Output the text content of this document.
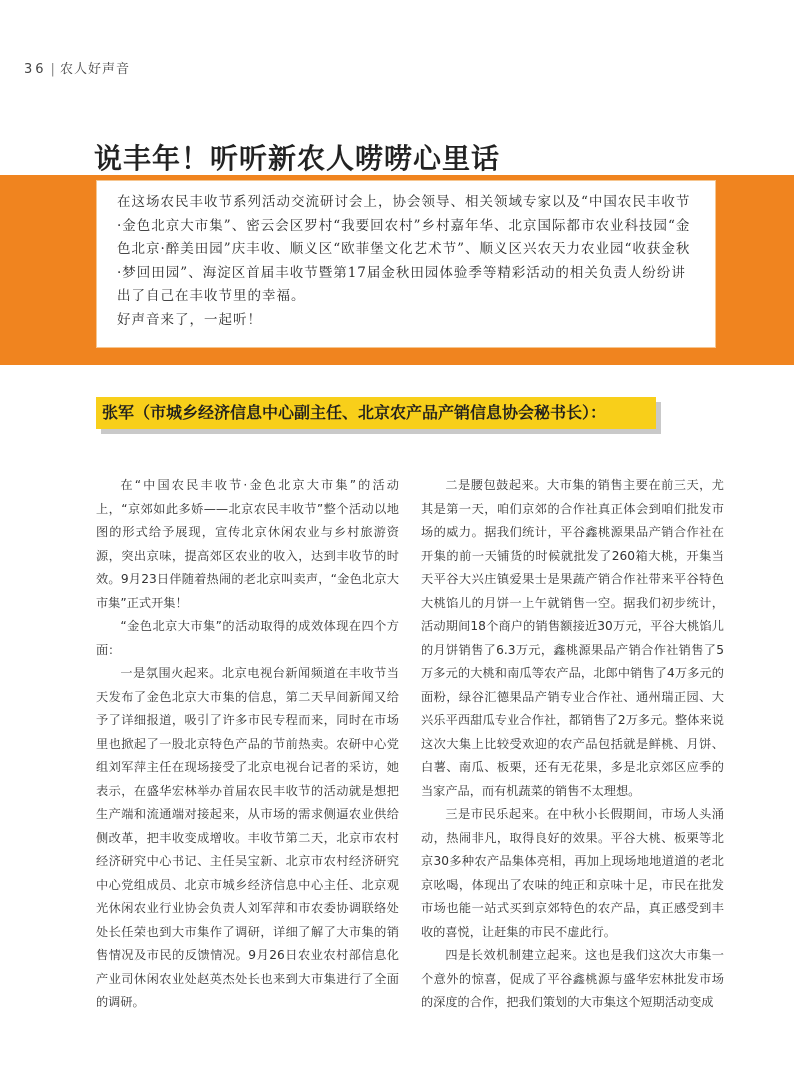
36 | 农人好声音
说丰年！听听新农人唠唠心里话

在这场农民丰收节系列活动交流研讨会上，协会领导、相关领域专家以及“中国农民丰收节·金色北京大市集”、密云会区罗村“我要回农村”乡村嘉年华、北京国际都市农业科技园“金色北京·醉美田园”庆丰收、顺义区“欧菲堡文化艺术节”、顺义区兴农天力农业园“收获金秋·梦回田园”、海淀区首届丰收节暨第17届金秋田园体验季等精彩活动的相关负责人纷纷讲出了自己在丰收节里的幸福。

好声音来了，一起听！

张军（市城乡经济信息中心副主任、北京农产品产销信息协会秘书长）：

在“中国农民丰收节·金色北京大市集”的活动上，“京郊如此多娇——北京农民丰收节”整个活动以地图的形式给予展现，宣传北京休闲农业与乡村旅游资源，突出京味，提高郊区农业的收入，达到丰收节的时效。9月23日伴随着热闹的老北京叫卖声，“金色北京大市集”正式开集！

“金色北京大市集”的活动取得的成效体现在四个方面：

一是氛围火起来。北京电视台新闻频道在丰收节当天发布了金色北京大市集的信息，第二天早间新闻又给予了详细报道，吸引了许多市民专程而来，同时在市场里也掀起了一股北京特色产品的节前热卖。农研中心党组刘军萍主任在现场接受了北京电视台记者的采访，她表示，在盛华宏林举办首届农民丰收节的活动就是想把生产端和流通端对接起来，从市场的需求侧逼农业供给侧改革，把丰收变成增收。丰收节第二天，北京市农村经济研究中心书记、主任吴宝新、北京市农村经济研究中心党组成员、北京市城乡经济信息中心主任、北京观光休闲农业行业协会负责人刘军萍和市农委协调联络处处长任荣也到大市集作了调研，详细了解了大市集的销售情况及市民的反馈情况。9月26日农业农村部信息化产业司休闲农业处赵英杰处长也来到大市集进行了全面的调研。

二是腰包鼓起来。大市集的销售主要在前三天，尤其是第一天，咱们京郊的合作社真正体会到咱们批发市场的威力。据我们统计，平谷鑫桃源果品产销合作社在开集的前一天铺货的时候就批发了260箱大桃，开集当天平谷大兴庄镇爱果士是果蔬产销合作社带来平谷特色大桃馅儿的月饼一上午就销售一空。据我们初步统计，活动期间18个商户的销售额接近30万元，平谷大桃馅儿的月饼销售了6.3万元，鑫桃源果品产销合作社销售了5万多元的大桃和南瓜等农产品，北郎中销售了4万多元的面粉，绿谷汇德果品产销专业合作社、通州瑞正园、大兴乐平西甜瓜专业合作社，都销售了2万多元。整体来说这次大集上比较受欢迎的农产品包括就是鲜桃、月饼、白薯、南瓜、板栗，还有无花果，多是北京郊区应季的当家产品，而有机蔬菜的销售不太理想。

三是市民乐起来。在中秋小长假期间，市场人头涌动，热闹非凡，取得良好的效果。平谷大桃、板栗等北京30多种农产品集体亮相，再加上现场地地道道的老北京吆喝，体现出了农味的纯正和京味十足，市民在批发市场也能一站式买到京郊特色的农产品，真正感受到丰收的喜悦，让赶集的市民不虚此行。

四是长效机制建立起来。这也是我们这次大市集一个意外的惊喜，促成了平谷鑫桃源与盛华宏林批发市场的深度的合作，把我们策划的大市集这个短期活动变成
